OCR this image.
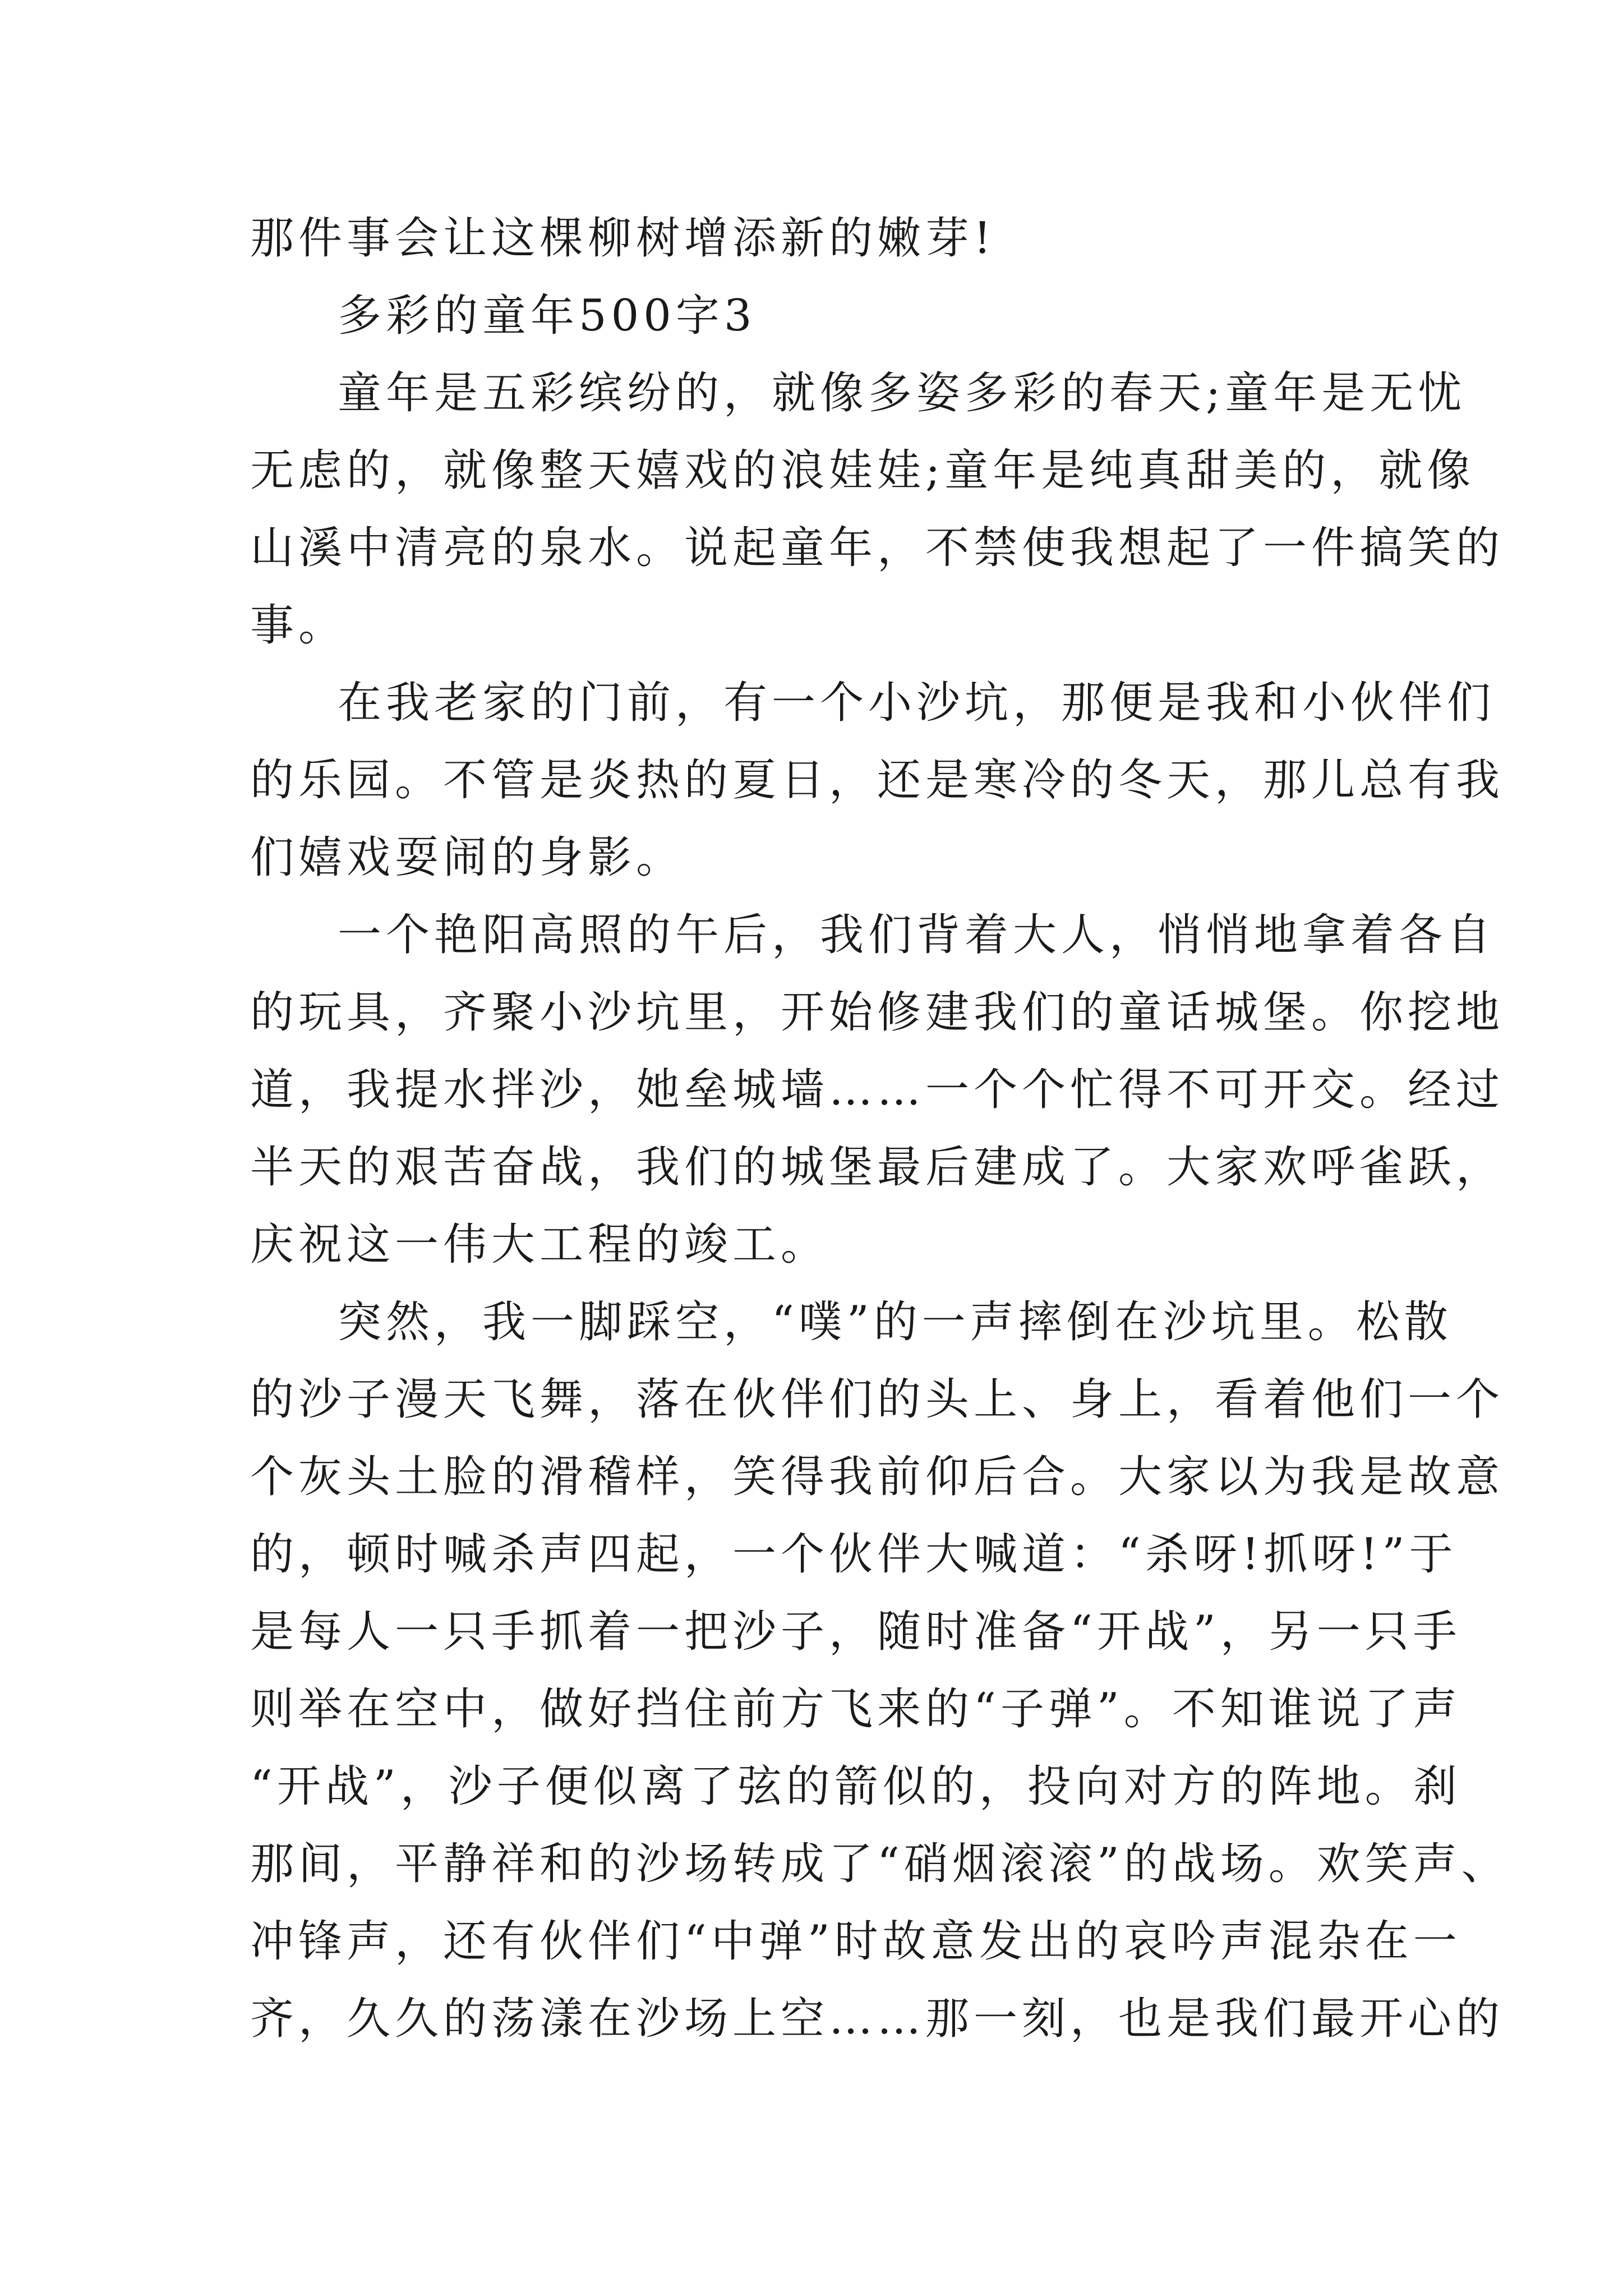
那件事会让这棵柳树增添新的嫩芽!
多彩的童年500字3
童年是五彩缤纷的，就像多姿多彩的春天;童年是无忧
无虑的，就像整天嬉戏的浪娃娃;童年是纯真甜美的，就像
山溪中清亮的泉水。说起童年，不禁使我想起了一件搞笑的
事。
在我老家的门前，有一个小沙坑，那便是我和小伙伴们
的乐园。不管是炎热的夏日，还是寒冷的冬天，那儿总有我
们嬉戏耍闹的身影。
一个艳阳高照的午后，我们背着大人，悄悄地拿着各自
的玩具，齐聚小沙坑里，开始修建我们的童话城堡。你挖地
道，我提水拌沙，她垒城墙……一个个忙得不可开交。经过
半天的艰苦奋战，我们的城堡最后建成了。大家欢呼雀跃，
庆祝这一伟大工程的竣工。
突然，我一脚踩空，“噗”的一声摔倒在沙坑里。松散
的沙子漫天飞舞，落在伙伴们的头上、身上，看着他们一个
个灰头土脸的滑稽样，笑得我前仰后合。大家以为我是故意
的，顿时喊杀声四起，一个伙伴大喊道：“杀呀!抓呀!”于
是每人一只手抓着一把沙子，随时准备“开战”，另一只手
则举在空中，做好挡住前方飞来的“子弹”。不知谁说了声
“开战”，沙子便似离了弦的箭似的，投向对方的阵地。刹
那间，平静祥和的沙场转成了“硝烟滚滚”的战场。欢笑声、
冲锋声，还有伙伴们“中弹”时故意发出的哀吟声混杂在一
齐，久久的荡漾在沙场上空……那一刻，也是我们最开心的
